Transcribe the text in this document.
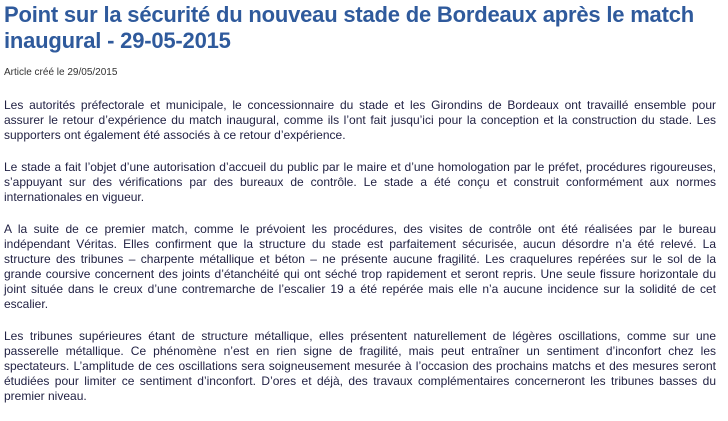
Point sur la sécurité du nouveau stade de Bordeaux après le match inaugural - 29-05-2015
Article créé le 29/05/2015

Les autorités préfectorale et municipale, le concessionnaire du stade et les Girondins de Bordeaux ont travaillé ensemble pour assurer le retour d’expérience du match inaugural, comme ils l’ont fait jusqu’ici pour la conception et la construction du stade. Les supporters ont également été associés à ce retour d’expérience.

Le stade a fait l’objet d’une autorisation d’accueil du public par le maire et d’une homologation par le préfet, procédures rigoureuses, s’appuyant sur des vérifications par des bureaux de contrôle. Le stade a été conçu et construit conformément aux normes internationales en vigueur.

A la suite de ce premier match, comme le prévoient les procédures, des visites de contrôle ont été réalisées par le bureau indépendant Véritas. Elles confirment que la structure du stade est parfaitement sécurisée, aucun désordre n’a été relevé. La structure des tribunes – charpente métallique et béton – ne présente aucune fragilité. Les craquelures repérées sur le sol de la grande coursive concernent des joints d’étanchéité qui ont séché trop rapidement et seront repris. Une seule fissure horizontale du joint située dans le creux d’une contremarche de l’escalier 19 a été repérée mais elle n’a aucune incidence sur la solidité de cet escalier.

Les tribunes supérieures étant de structure métallique, elles présentent naturellement de légères oscillations, comme sur une passerelle métallique. Ce phénomène n’est en rien signe de fragilité, mais peut entraîner un sentiment d’inconfort chez les spectateurs. L’amplitude de ces oscillations sera soigneusement mesurée à l’occasion des prochains matchs et des mesures seront étudiées pour limiter ce sentiment d’inconfort. D’ores et déjà, des travaux complémentaires concerneront les tribunes basses du premier niveau.
